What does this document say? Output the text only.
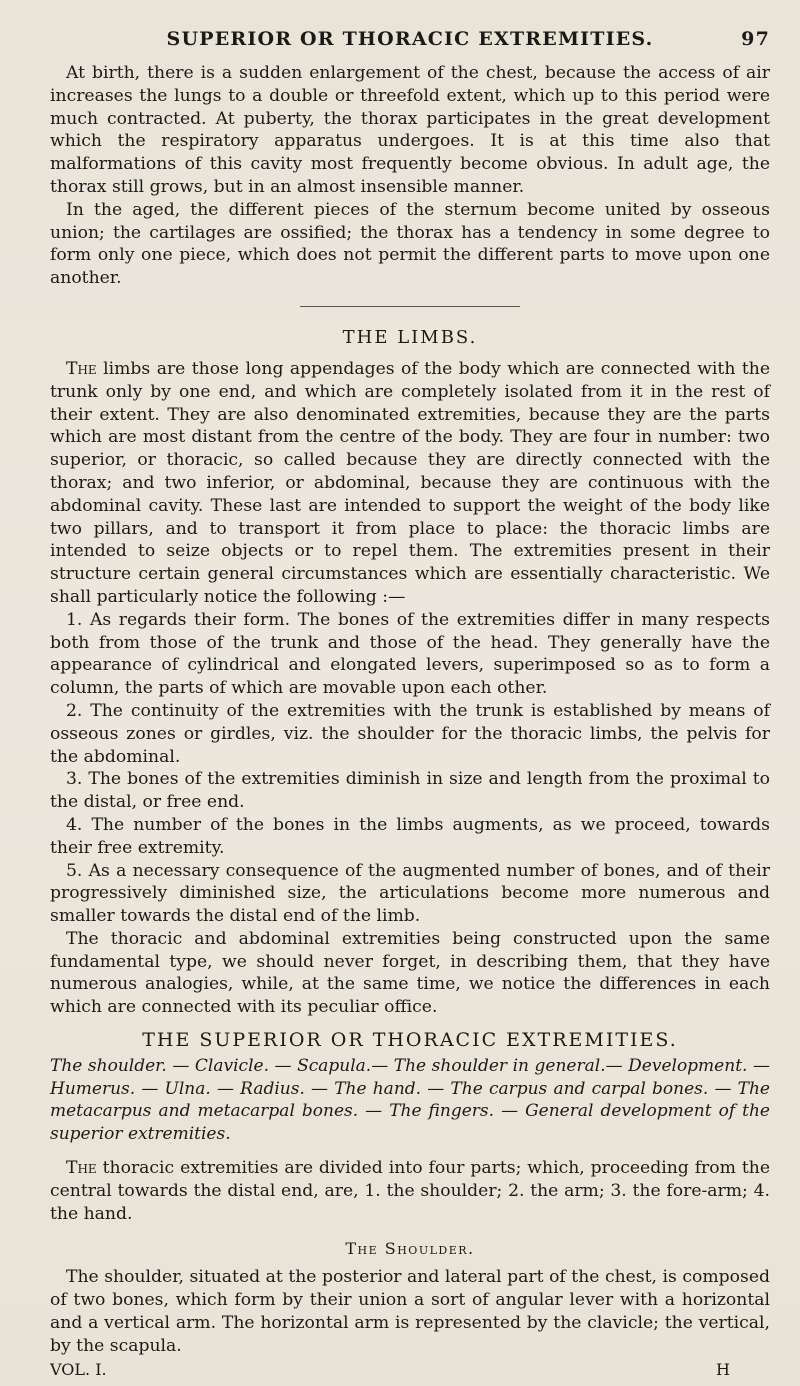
SUPERIOR OR THORACIC EXTREMITIES.	97

At birth, there is a sudden enlargement of the chest, because the access of air increases the lungs to a double or threefold extent, which up to this period were much contracted. At puberty, the thorax participates in the great development which the respiratory apparatus undergoes. It is at this time also that malformations of this cavity most frequently become obvious. In adult age, the thorax still grows, but in an almost insensible manner.

In the aged, the different pieces of the sternum become united by osseous union; the cartilages are ossified; the thorax has a tendency in some degree to form only one piece, which does not permit the different parts to move upon one another.

THE LIMBS.

The limbs are those long appendages of the body which are connected with the trunk only by one end, and which are completely isolated from it in the rest of their extent. They are also denominated extremities, because they are the parts which are most distant from the centre of the body. They are four in number: two superior, or thoracic, so called because they are directly connected with the thorax; and two inferior, or abdominal, because they are continuous with the abdominal cavity. These last are intended to support the weight of the body like two pillars, and to transport it from place to place: the thoracic limbs are intended to seize objects or to repel them. The extremities present in their structure certain general circumstances which are essentially characteristic. We shall particularly notice the following :—

1. As regards their form. The bones of the extremities differ in many respects both from those of the trunk and those of the head. They generally have the appearance of cylindrical and elongated levers, superimposed so as to form a column, the parts of which are movable upon each other.

2. The continuity of the extremities with the trunk is established by means of osseous zones or girdles, viz. the shoulder for the thoracic limbs, the pelvis for the abdominal.

3. The bones of the extremities diminish in size and length from the proximal to the distal, or free end.

4. The number of the bones in the limbs augments, as we proceed, towards their free extremity.

5. As a necessary consequence of the augmented number of bones, and of their progressively diminished size, the articulations become more numerous and smaller towards the distal end of the limb.

The thoracic and abdominal extremities being constructed upon the same fundamental type, we should never forget, in describing them, that they have numerous analogies, while, at the same time, we notice the differences in each which are connected with its peculiar office.

THE SUPERIOR OR THORACIC EXTREMITIES.

The shoulder. — Clavicle. — Scapula.— The shoulder in general.— Development. — Humerus. — Ulna. — Radius. — The hand. — The carpus and carpal bones. — The metacarpus and metacarpal bones. — The fingers. — General development of the superior extremities.

The thoracic extremities are divided into four parts; which, proceeding from the central towards the distal end, are, 1. the shoulder; 2. the arm; 3. the fore-arm; 4. the hand.

The Shoulder.

The shoulder, situated at the posterior and lateral part of the chest, is composed of two bones, which form by their union a sort of angular lever with a horizontal and a vertical arm. The horizontal arm is represented by the clavicle; the vertical, by the scapula.

VOL. I.	H
